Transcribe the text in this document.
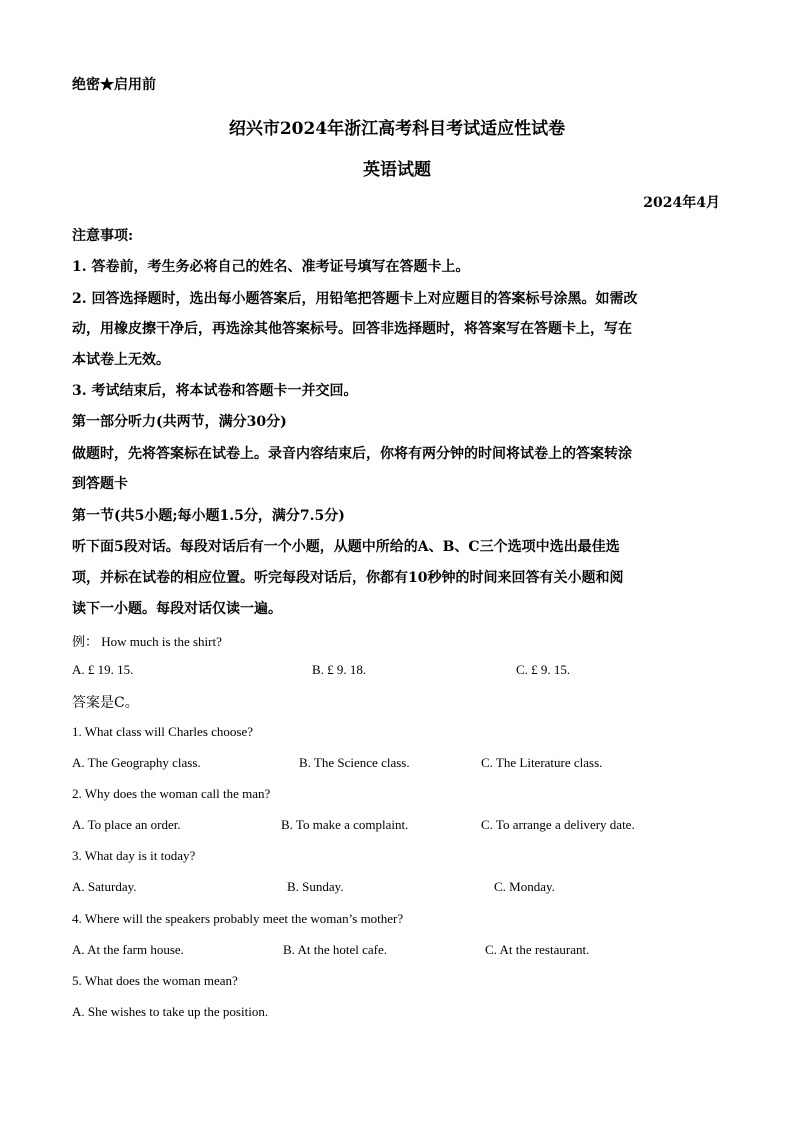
绝密★启用前
绍兴市2024年浙江高考科目考试适应性试卷
英语试题
2024年4月
注意事项:
1. 答卷前，考生务必将自己的姓名、准考证号填写在答题卡上。
2. 回答选择题时，选出每小题答案后，用铅笔把答题卡上对应题目的答案标号涂黑。如需改
动，用橡皮擦干净后，再选涂其他答案标号。回答非选择题时，将答案写在答题卡上，写在
本试卷上无效。
3. 考试结束后，将本试卷和答题卡一并交回。
第一部分听力(共两节，满分30分)
做题时，先将答案标在试卷上。录音内容结束后，你将有两分钟的时间将试卷上的答案转涂
到答题卡
第一节(共5小题;每小题1.5分，满分7.5分)
听下面5段对话。每段对话后有一个小题，从题中所给的A、B、C三个选项中选出最佳选
项，并标在试卷的相应位置。听完每段对话后，你都有10秒钟的时间来回答有关小题和阅
读下一小题。每段对话仅读一遍。
例： How much is the shirt?
A. £ 19. 15.	B. £ 9. 18.	C. £ 9. 15.
答案是C。
1. What class will Charles choose?
A. The Geography class.	B. The Science class.	C. The Literature class.
2. Why does the woman call the man?
A. To place an order.	B. To make a complaint.	C. To arrange a delivery date.
3. What day is it today?
A. Saturday.	B. Sunday.	C. Monday.
4. Where will the speakers probably meet the woman’s mother?
A. At the farm house.	B. At the hotel cafe.	C. At the restaurant.
5. What does the woman mean?
A. She wishes to take up the position.
